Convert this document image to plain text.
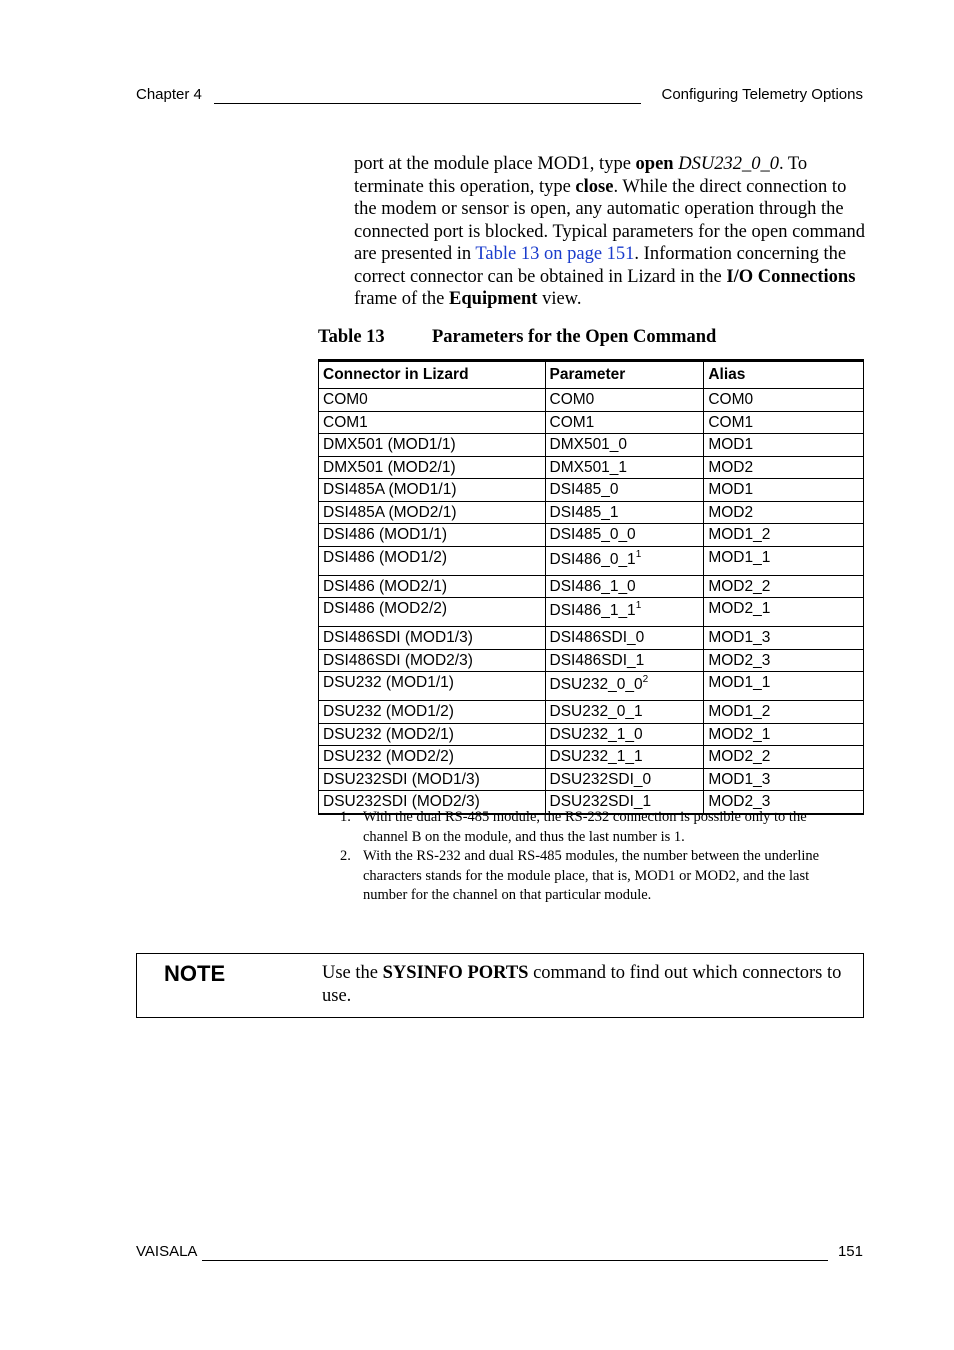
Chapter 4	Configuring Telemetry Options

port at the module place MOD1, type open DSU232_0_0. To terminate this operation, type close. While the direct connection to the modem or sensor is open, any automatic operation through the connected port is blocked. Typical parameters for the open command are presented in Table 13 on page 151. Information concerning the correct connector can be obtained in Lizard in the I/O Connections frame of the Equipment view.

Table 13	Parameters for the Open Command
Connector in Lizard	Parameter	Alias
COM0	COM0	COM0
COM1	COM1	COM1
DMX501 (MOD1/1)	DMX501_0	MOD1
DMX501 (MOD2/1)	DMX501_1	MOD2
DSI485A (MOD1/1)	DSI485_0	MOD1
DSI485A (MOD2/1)	DSI485_1	MOD2
DSI486 (MOD1/1)	DSI485_0_0	MOD1_2
DSI486 (MOD1/2)	$DSI486\_0\_1^1$	MOD1_1
DSI486 (MOD2/1)	DSI486_1_0	MOD2_2
DSI486 (MOD2/2)	$DSI486\_1\_1^1$	MOD2_1
DSI486SDI (MOD1/3)	DSI486SDI_0	MOD1_3
DSI486SDI (MOD2/3)	DSI486SDI_1	MOD2_3
DSU232 (MOD1/1)	$DSU232\_0\_0^2$	MOD1_1
DSU232 (MOD1/2)	DSU232_0_1	MOD1_2
DSU232 (MOD2/1)	DSU232_1_0	MOD2_1
DSU232 (MOD2/2)	DSU232_1_1	MOD2_2
DSU232SDI (MOD1/3)	DSU232SDI_0	MOD1_3
DSU232SDI (MOD2/3)	DSU232SDI_1	MOD2_3
1. With the dual RS-485 module, the RS-232 connection is possible only to the channel B on the module, and thus the last number is 1.
2. With the RS-232 and dual RS-485 modules, the number between the underline characters stands for the module place, that is, MOD1 or MOD2, and the last number for the channel on that particular module.
NOTE	Use the SYSINFO PORTS command to find out which connectors to use.
VAISALA	151
